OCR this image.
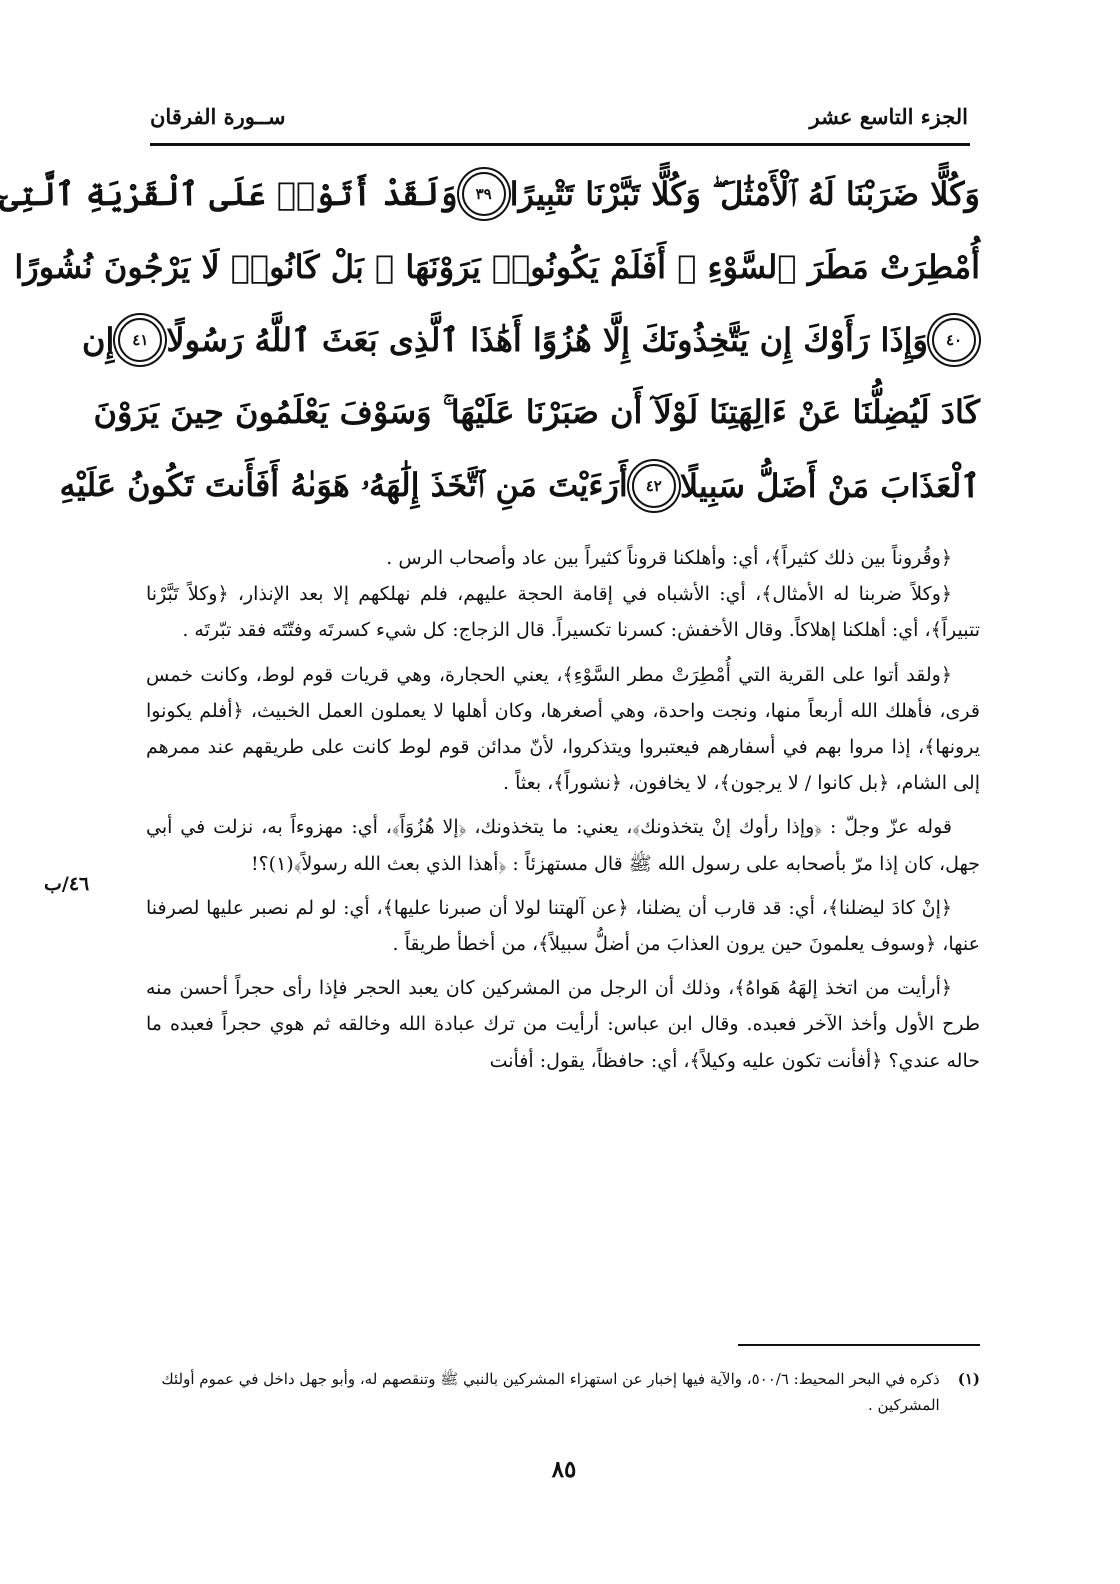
الجزء التاسع عشر
ســورة الفرقان
وَكُلًّا ضَرَبْنَا لَهُ ٱلْأَمْثَٰلَ ۖ وَكُلًّا تَبَّرْنَا تَتْبِيرًا
٣٩
وَلَقَدْ أَتَوْا۟ عَلَى ٱلْقَرْيَةِ ٱلَّتِىٓ
أُمْطِرَتْ مَطَرَ ٱلسَّوْءِ ۚ أَفَلَمْ يَكُونُوا۟ يَرَوْنَهَا ۚ بَلْ كَانُوا۟ لَا يَرْجُونَ نُشُورًا
٤٠
وَإِذَا رَأَوْكَ إِن يَتَّخِذُونَكَ إِلَّا هُزُوًا أَهَٰذَا ٱلَّذِى بَعَثَ ٱللَّهُ رَسُولًا
٤١
إِن
كَادَ لَيُضِلُّنَا عَنْ ءَالِهَتِنَا لَوْلَآ أَن صَبَرْنَا عَلَيْهَا ۚ وَسَوْفَ يَعْلَمُونَ حِينَ يَرَوْنَ
ٱلْعَذَابَ مَنْ أَضَلُّ سَبِيلًا
٤٢
أَرَءَيْتَ مَنِ ٱتَّخَذَ إِلَٰهَهُۥ هَوَىٰهُ أَفَأَنتَ تَكُونُ عَلَيْهِ

﴿وقُروناً بين ذلك كثيراً﴾، أي: وأهلكنا قروناً كثيراً بين عاد وأصحاب الرس .

﴿وكلاً ضربنا له الأمثال﴾، أي: الأشباه في إقامة الحجة عليهم، فلم نهلكهم إلا بعد الإنذار، ﴿وكلاً تَبَّرْنا تتبيراً﴾، أي: أهلكنا إهلاكاً. وقال الأخفش: كسرنا تكسيراً. قال الزجاج: كل شيء كسرتَه وفتّتَه فقد تبّرتَه .

﴿ولقد أتوا على القرية التي أُمْطِرَتْ مطر السَّوْءِ﴾، يعني الحجارة، وهي قريات قوم لوط، وكانت خمس قرى، فأهلك الله أربعاً منها، ونجت واحدة، وهي أصغرها، وكان أهلها لا يعملون العمل الخبيث، ﴿أفلم يكونوا يرونها﴾، إذا مروا بهم في أسفارهم فيعتبروا ويتذكروا، لأنّ مدائن قوم لوط كانت على طريقهم عند ممرهم إلى الشام، ﴿بل كانوا / لا يرجون﴾، لا يخافون، ﴿نشوراً﴾، بعثاً .

قوله عزّ وجلّ : ﴿وإذا رأوك إنْ يتخذونك﴾، يعني: ما يتخذونك، ﴿إلا هُزُوَاً﴾، أي: مهزوءاً به، نزلت في أبي جهل، كان إذا مرّ بأصحابه على رسول الله ﷺ قال مستهزئاً : ﴿أهذا الذي بعث الله رسولاً﴾(١)؟!

﴿إنْ كادَ ليضلنا﴾، أي: قد قارب أن يضلنا، ﴿عن آلهتنا لولا أن صبرنا عليها﴾، أي: لو لم نصبر عليها لصرفنا عنها، ﴿وسوف يعلمونَ حين يرون العذابَ من أضلُّ سبيلاً﴾، من أخطأ طريقاً .

﴿أرأيت من اتخذ إلهَهُ هَواهُ﴾، وذلك أن الرجل من المشركين كان يعبد الحجر فإذا رأى حجراً أحسن منه طرح الأول وأخذ الآخر فعبده. وقال ابن عباس: أرأيت من ترك عبادة الله وخالقه ثم هوي حجراً فعبده ما حاله عندي؟ ﴿أفأنت تكون عليه وكيلاً﴾، أي: حافظاً، يقول: أفأنت

٤٦/ب
(١)
ذكره في البحر المحيط: ٥٠٠/٦، والآية فيها إخبار عن استهزاء المشركين بالنبي ﷺ وتنقصهم له، وأبو جهل داخل في عموم أولئك المشركين .
٨٥
